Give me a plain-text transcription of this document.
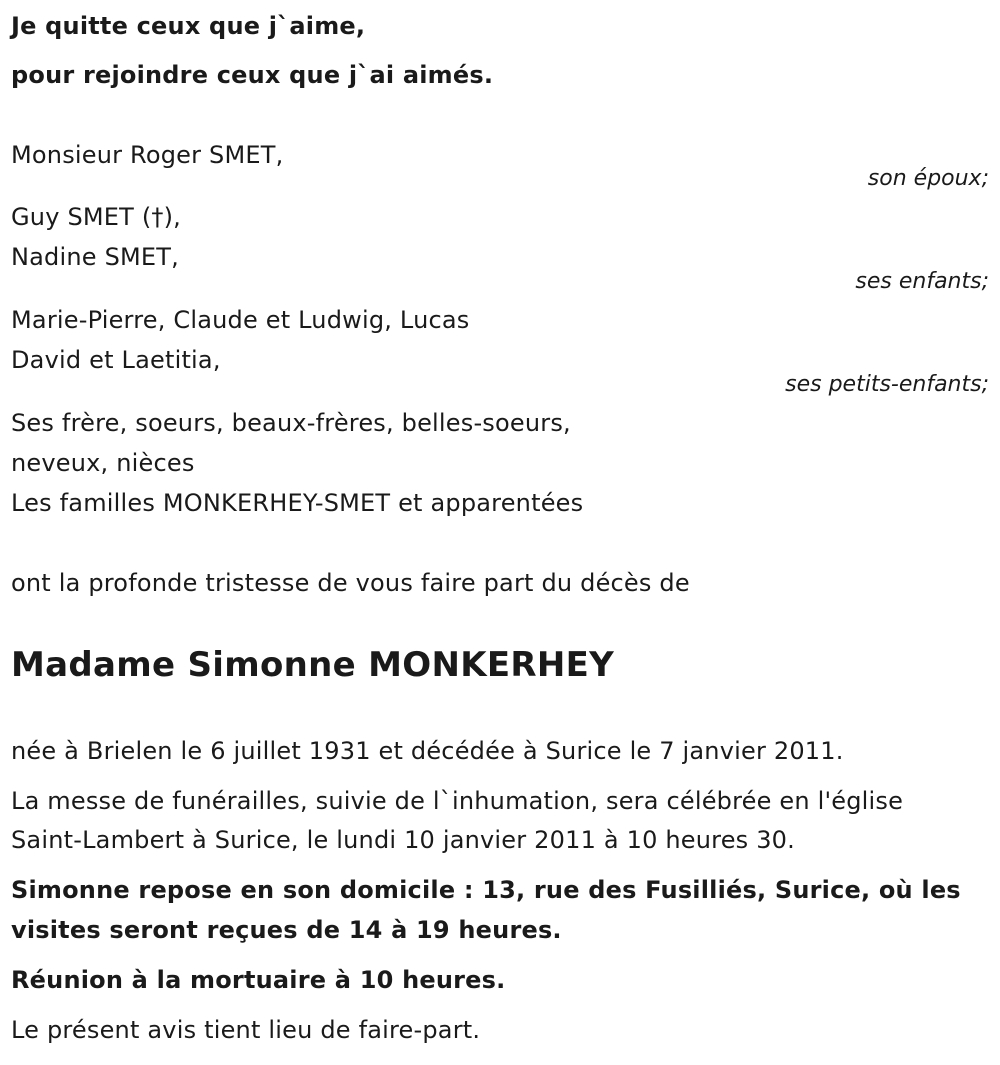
Je quitte ceux que j`aime,
pour rejoindre ceux que j`ai aimés.
Monsieur Roger SMET,
son époux;
Guy SMET (†),
Nadine SMET,
ses enfants;
Marie-Pierre, Claude et Ludwig, Lucas
David et Laetitia,
ses petits-enfants;
Ses frère, soeurs, beaux-frères, belles-soeurs,
neveux, nièces
Les familles MONKERHEY-SMET et apparentées
ont la profonde tristesse de vous faire part du décès de
Madame Simonne MONKERHEY
née à Brielen le 6 juillet 1931 et décédée à Surice le 7 janvier 2011.
La messe de funérailles, suivie de l`inhumation, sera célébrée en l'église
Saint-Lambert à Surice, le lundi 10 janvier 2011 à 10 heures 30.
Simonne repose en son domicile : 13, rue des Fusilliés, Surice, où les
visites seront reçues de 14 à 19 heures.
Réunion à la mortuaire à 10 heures.
Le présent avis tient lieu de faire-part.
